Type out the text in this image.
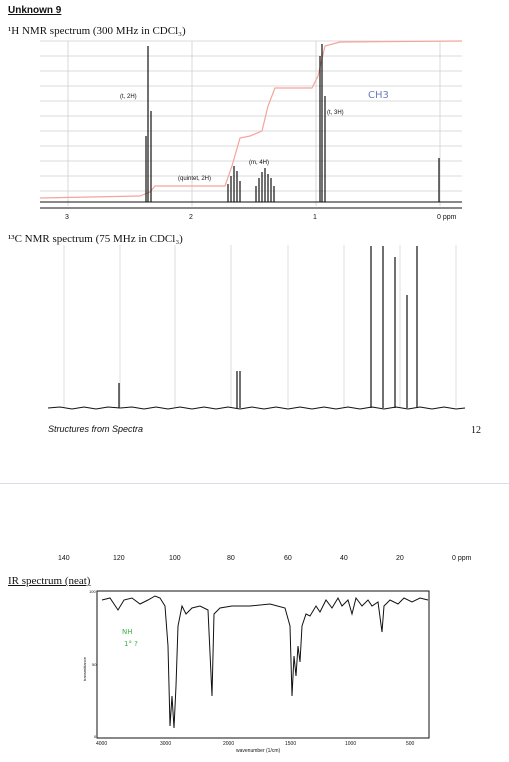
Unknown 9
¹H NMR spectrum (300 MHz in CDCl₃)
(t, 2H)
(quintet, 2H)
(m, 4H)
(t, 3H)
CH3
3	2	1	0 ppm
¹³C NMR spectrum (75 MHz in CDCl₃)
Structures from Spectra	12
140	120	100	80	60	40	20	0 ppm
IR spectrum (neat)
100
50
0
transmittance
NH
1° ?
4000	3000	2000	1500	1000	500
wavenumber (1/cm)
